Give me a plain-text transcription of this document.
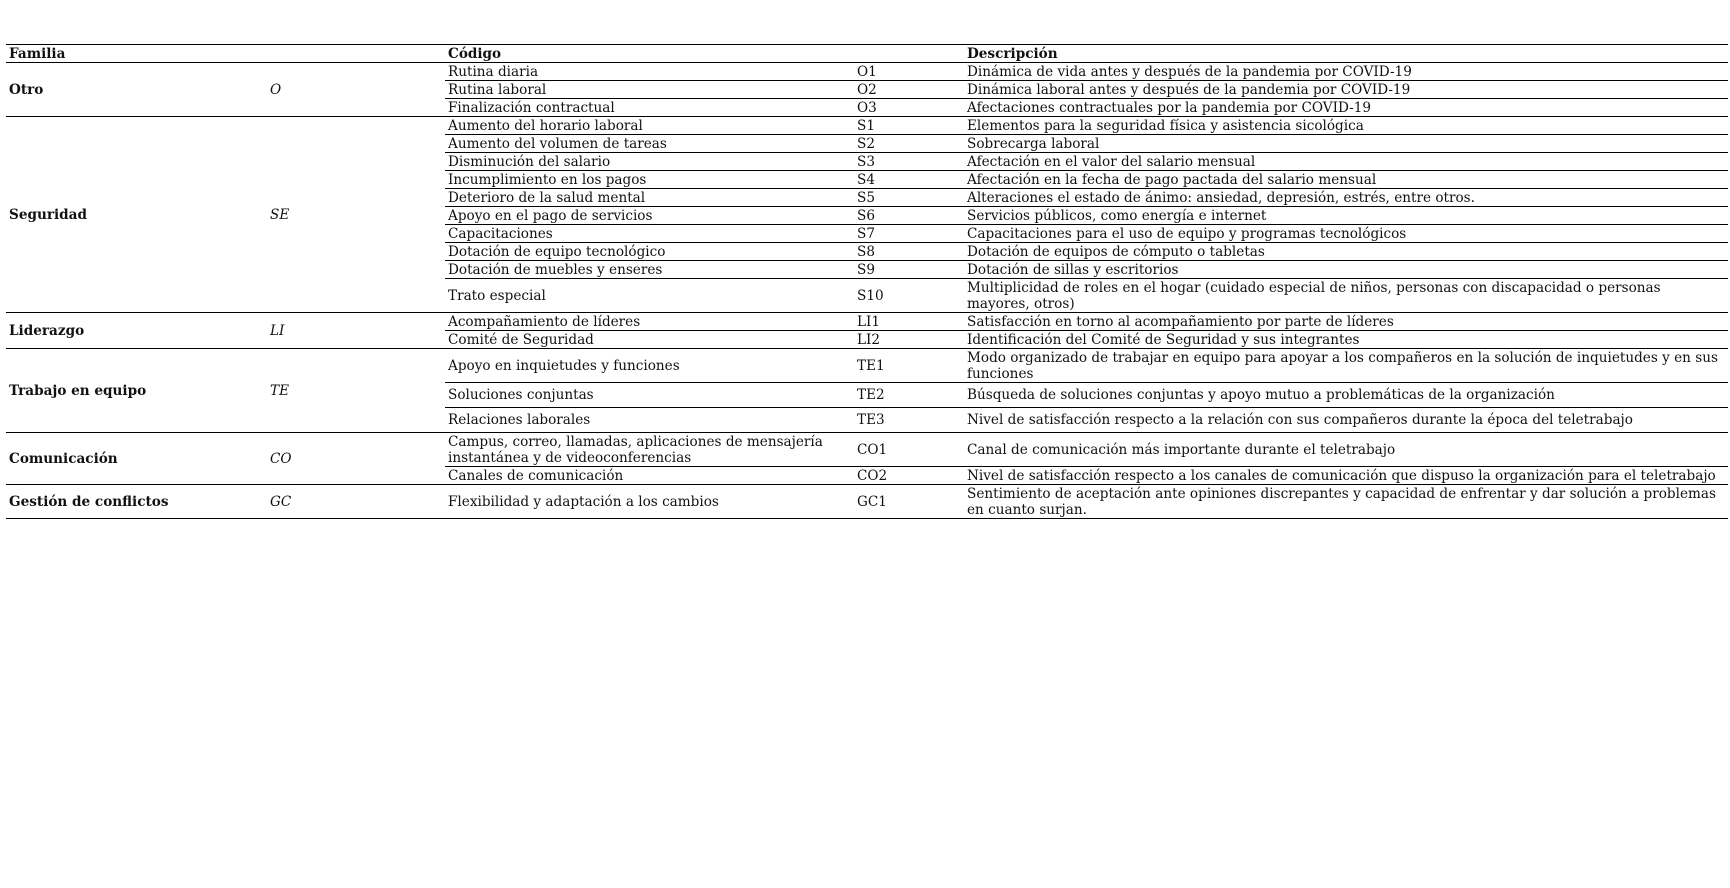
Familia		Código		Descripción
Otro	O	Rutina diaria	O1	Dinámica de vida antes y después de la pandemia por COVID-19
		Rutina laboral	O2	Dinámica laboral antes y después de la pandemia por COVID-19
		Finalización contractual	O3	Afectaciones contractuales por la pandemia por COVID-19
Seguridad	SE	Aumento del horario laboral	S1	Elementos para la seguridad física y asistencia sicológica
		Aumento del volumen de tareas	S2	Sobrecarga laboral
		Disminución del salario	S3	Afectación en el valor del salario mensual
		Incumplimiento en los pagos	S4	Afectación en la fecha de pago pactada del salario mensual
		Deterioro de la salud mental	S5	Alteraciones el estado de ánimo: ansiedad, depresión, estrés, entre otros.
		Apoyo en el pago de servicios	S6	Servicios públicos, como energía e internet
		Capacitaciones	S7	Capacitaciones para el uso de equipo y programas tecnológicos
		Dotación de equipo tecnológico	S8	Dotación de equipos de cómputo o tabletas
		Dotación de muebles y enseres	S9	Dotación de sillas y escritorios
		Trato especial	S10	Multiplicidad de roles en el hogar (cuidado especial de niños, personas con discapacidad o personas mayores, otros)
Liderazgo	LI	Acompañamiento de líderes	LI1	Satisfacción en torno al acompañamiento por parte de líderes
		Comité de Seguridad	LI2	Identificación del Comité de Seguridad y sus integrantes
Trabajo en equipo	TE	Apoyo en inquietudes y funciones	TE1	Modo organizado de trabajar en equipo para apoyar a los compañeros en la solución de inquietudes y en sus funciones
		Soluciones conjuntas	TE2	Búsqueda de soluciones conjuntas y apoyo mutuo a problemáticas de la organización
		Relaciones laborales	TE3	Nivel de satisfacción respecto a la relación con sus compañeros durante la época del teletrabajo
Comunicación	CO	Campus, correo, llamadas, aplicaciones de mensajería instantánea y de videoconferencias	CO1	Canal de comunicación más importante durante el teletrabajo
		Canales de comunicación	CO2	Nivel de satisfacción respecto a los canales de comunicación que dispuso la organización para el teletrabajo
Gestión de conflictos	GC	Flexibilidad y adaptación a los cambios	GC1	Sentimiento de aceptación ante opiniones discrepantes y capacidad de enfrentar y dar solución a problemas en cuanto surjan.
